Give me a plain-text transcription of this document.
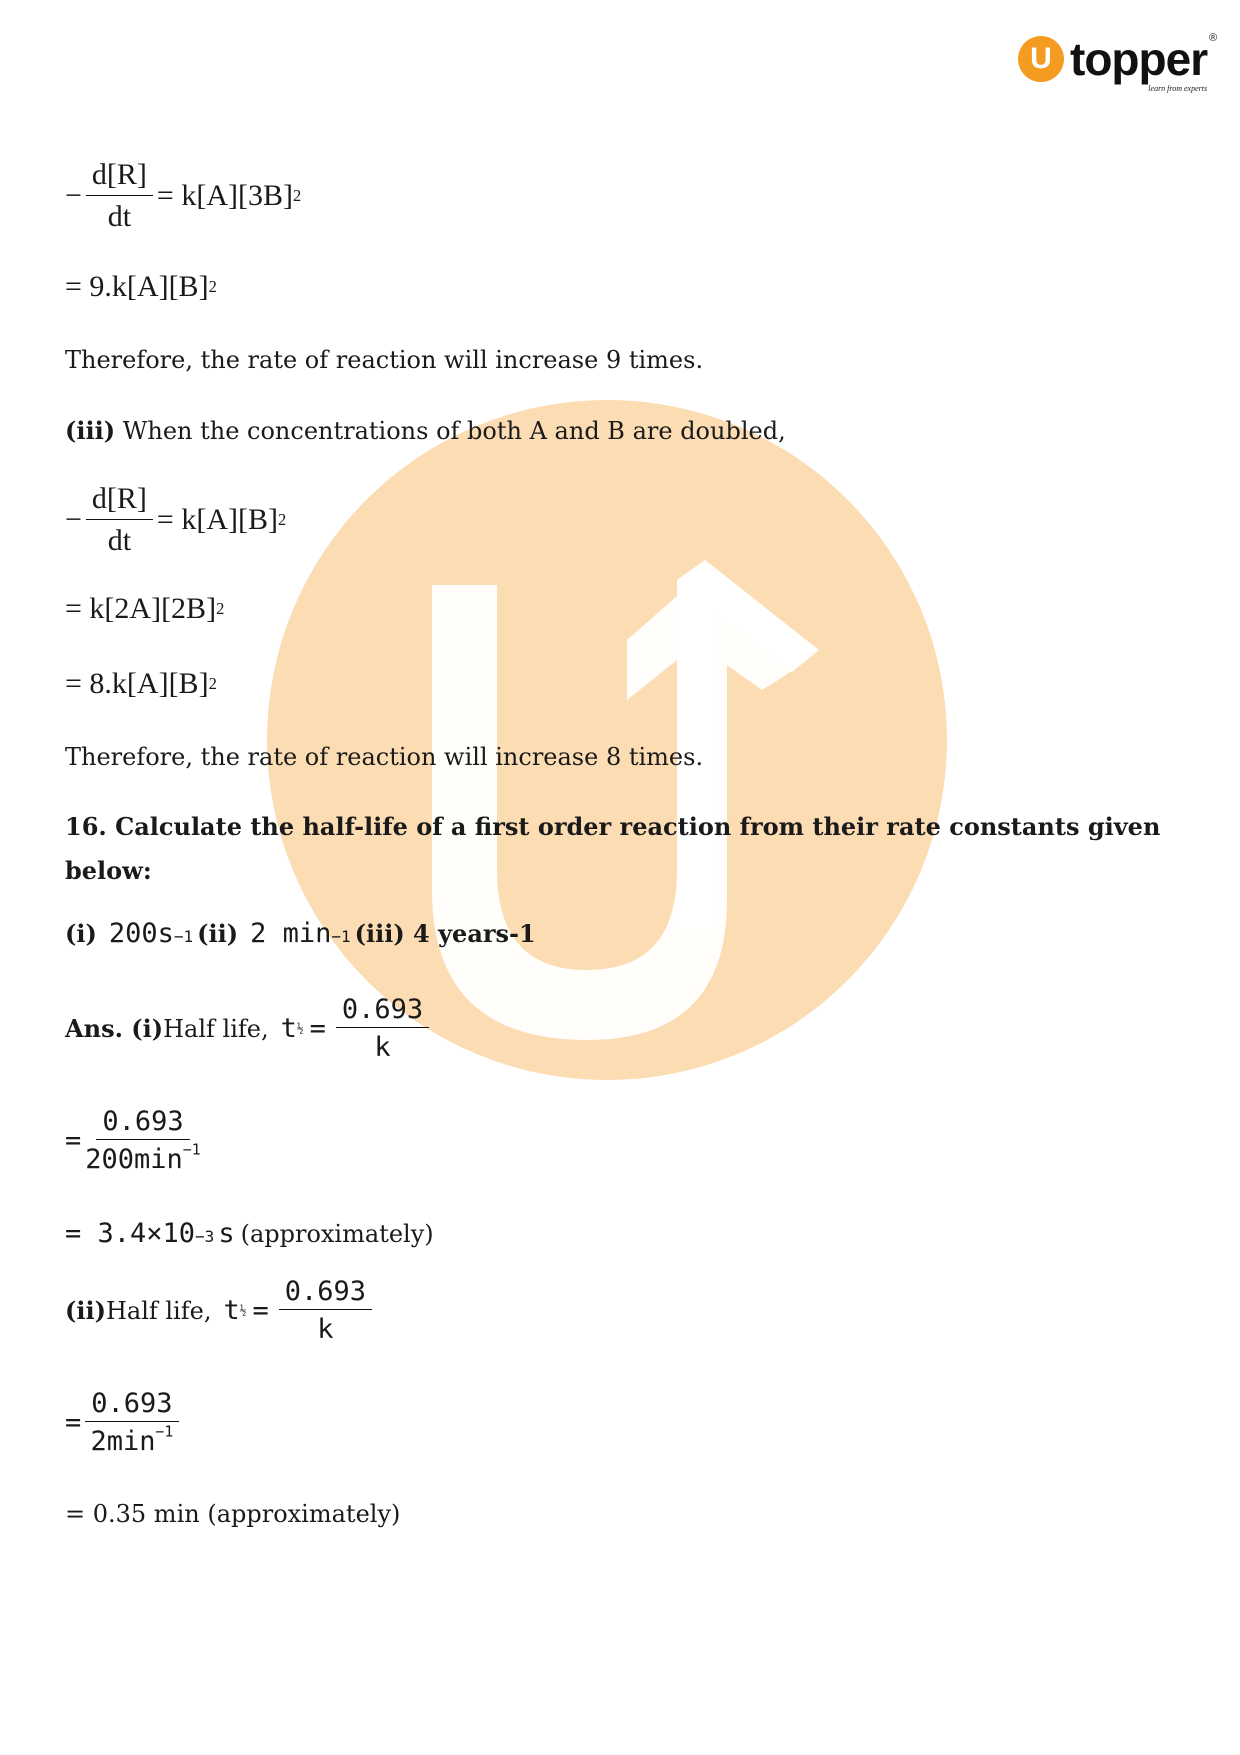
U topper ®
learn from experts
− $\frac{d[R]}{dt} = k[A][3B]$ 2
= 9.k[A][B] 2
Therefore, the rate of reaction will increase 9 times.
(iii) When the concentrations of both A and B are doubled,
− $\frac{d[R]}{dt} = k[A][B]$ 2
= k[2A][2B] 2
= 8.k[A][B] 2
Therefore, the rate of reaction will increase 8 times.
16. Calculate the half-life of a first order reaction from their rate constants given
below:
(i) 200s −1 (ii) 2 min −1 (iii) 4 years-1
Ans. (i) Half life, t ½ = $\frac{0.693}{k}$
= $\frac{0.693}{200\min^{-1}}$
= 3.4×10 −3 s (approximately)
(ii) Half life, t ½ = $\frac{0.693}{k}$
= $\frac{0.693}{2\min^{-1}}$
= 0.35 min (approximately)
